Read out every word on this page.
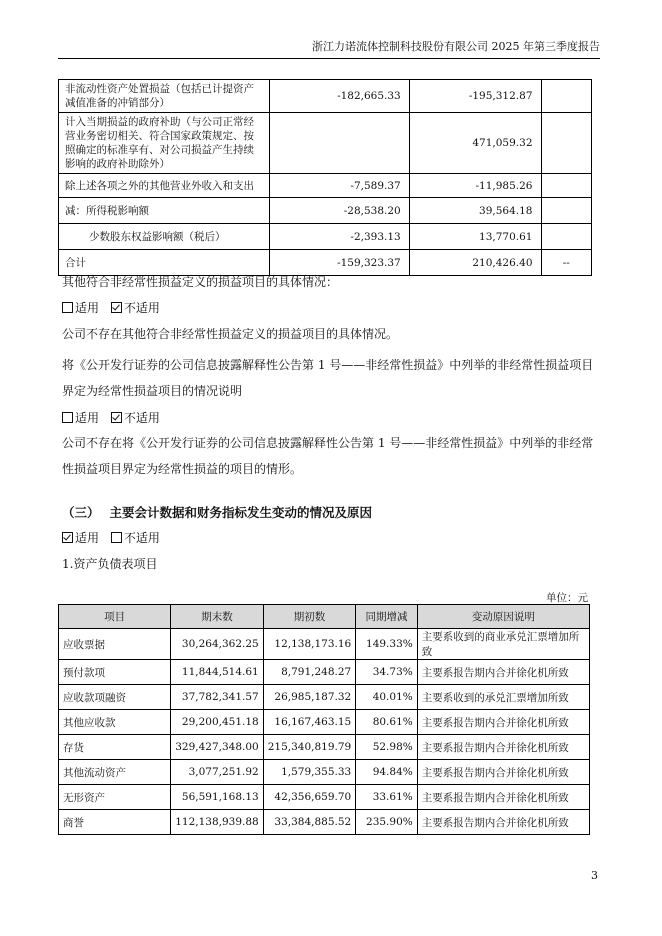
浙江力诺流体控制科技股份有限公司 2025 年第三季度报告
非流动性资产处置损益（包括已计提资产减值准备的冲销部分）	-182,665.33	-195,312.87	
计入当期损益的政府补助（与公司正常经营业务密切相关、符合国家政策规定、按照确定的标准享有、对公司损益产生持续影响的政府补助除外）		471,059.32	
除上述各项之外的其他营业外收入和支出	-7,589.37	-11,985.26	
减：所得税影响额	-28,538.20	39,564.18	
少数股东权益影响额（税后）	-2,393.13	13,770.61	
合计	-159,323.37	210,426.40	--
其他符合非经常性损益定义的损益项目的具体情况：
适用 不适用
公司不存在其他符合非经常性损益定义的损益项目的具体情况。
将《公开发行证券的公司信息披露解释性公告第 1 号——非经常性损益》中列举的非经常性损益项目界定为经常性损益项目的情况说明
适用 不适用
公司不存在将《公开发行证券的公司信息披露解释性公告第 1 号——非经常性损益》中列举的非经常性损益项目界定为经常性损益的项目的情形。
（三） 主要会计数据和财务指标发生变动的情况及原因
适用 不适用
1.资产负债表项目
单位：元
项目	期末数	期初数	同期增减	变动原因说明
应收票据	30,264,362.25	12,138,173.16	149.33%	主要系收到的商业承兑汇票增加所致
预付款项	11,844,514.61	8,791,248.27	34.73%	主要系报告期内合并徐化机所致
应收款项融资	37,782,341.57	26,985,187.32	40.01%	主要系收到的承兑汇票增加所致
其他应收款	29,200,451.18	16,167,463.15	80.61%	主要系报告期内合并徐化机所致
存货	329,427,348.00	215,340,819.79	52.98%	主要系报告期内合并徐化机所致
其他流动资产	3,077,251.92	1,579,355.33	94.84%	主要系报告期内合并徐化机所致
无形资产	56,591,168.13	42,356,659.70	33.61%	主要系报告期内合并徐化机所致
商誉	112,138,939.88	33,384,885.52	235.90%	主要系报告期内合并徐化机所致
3
